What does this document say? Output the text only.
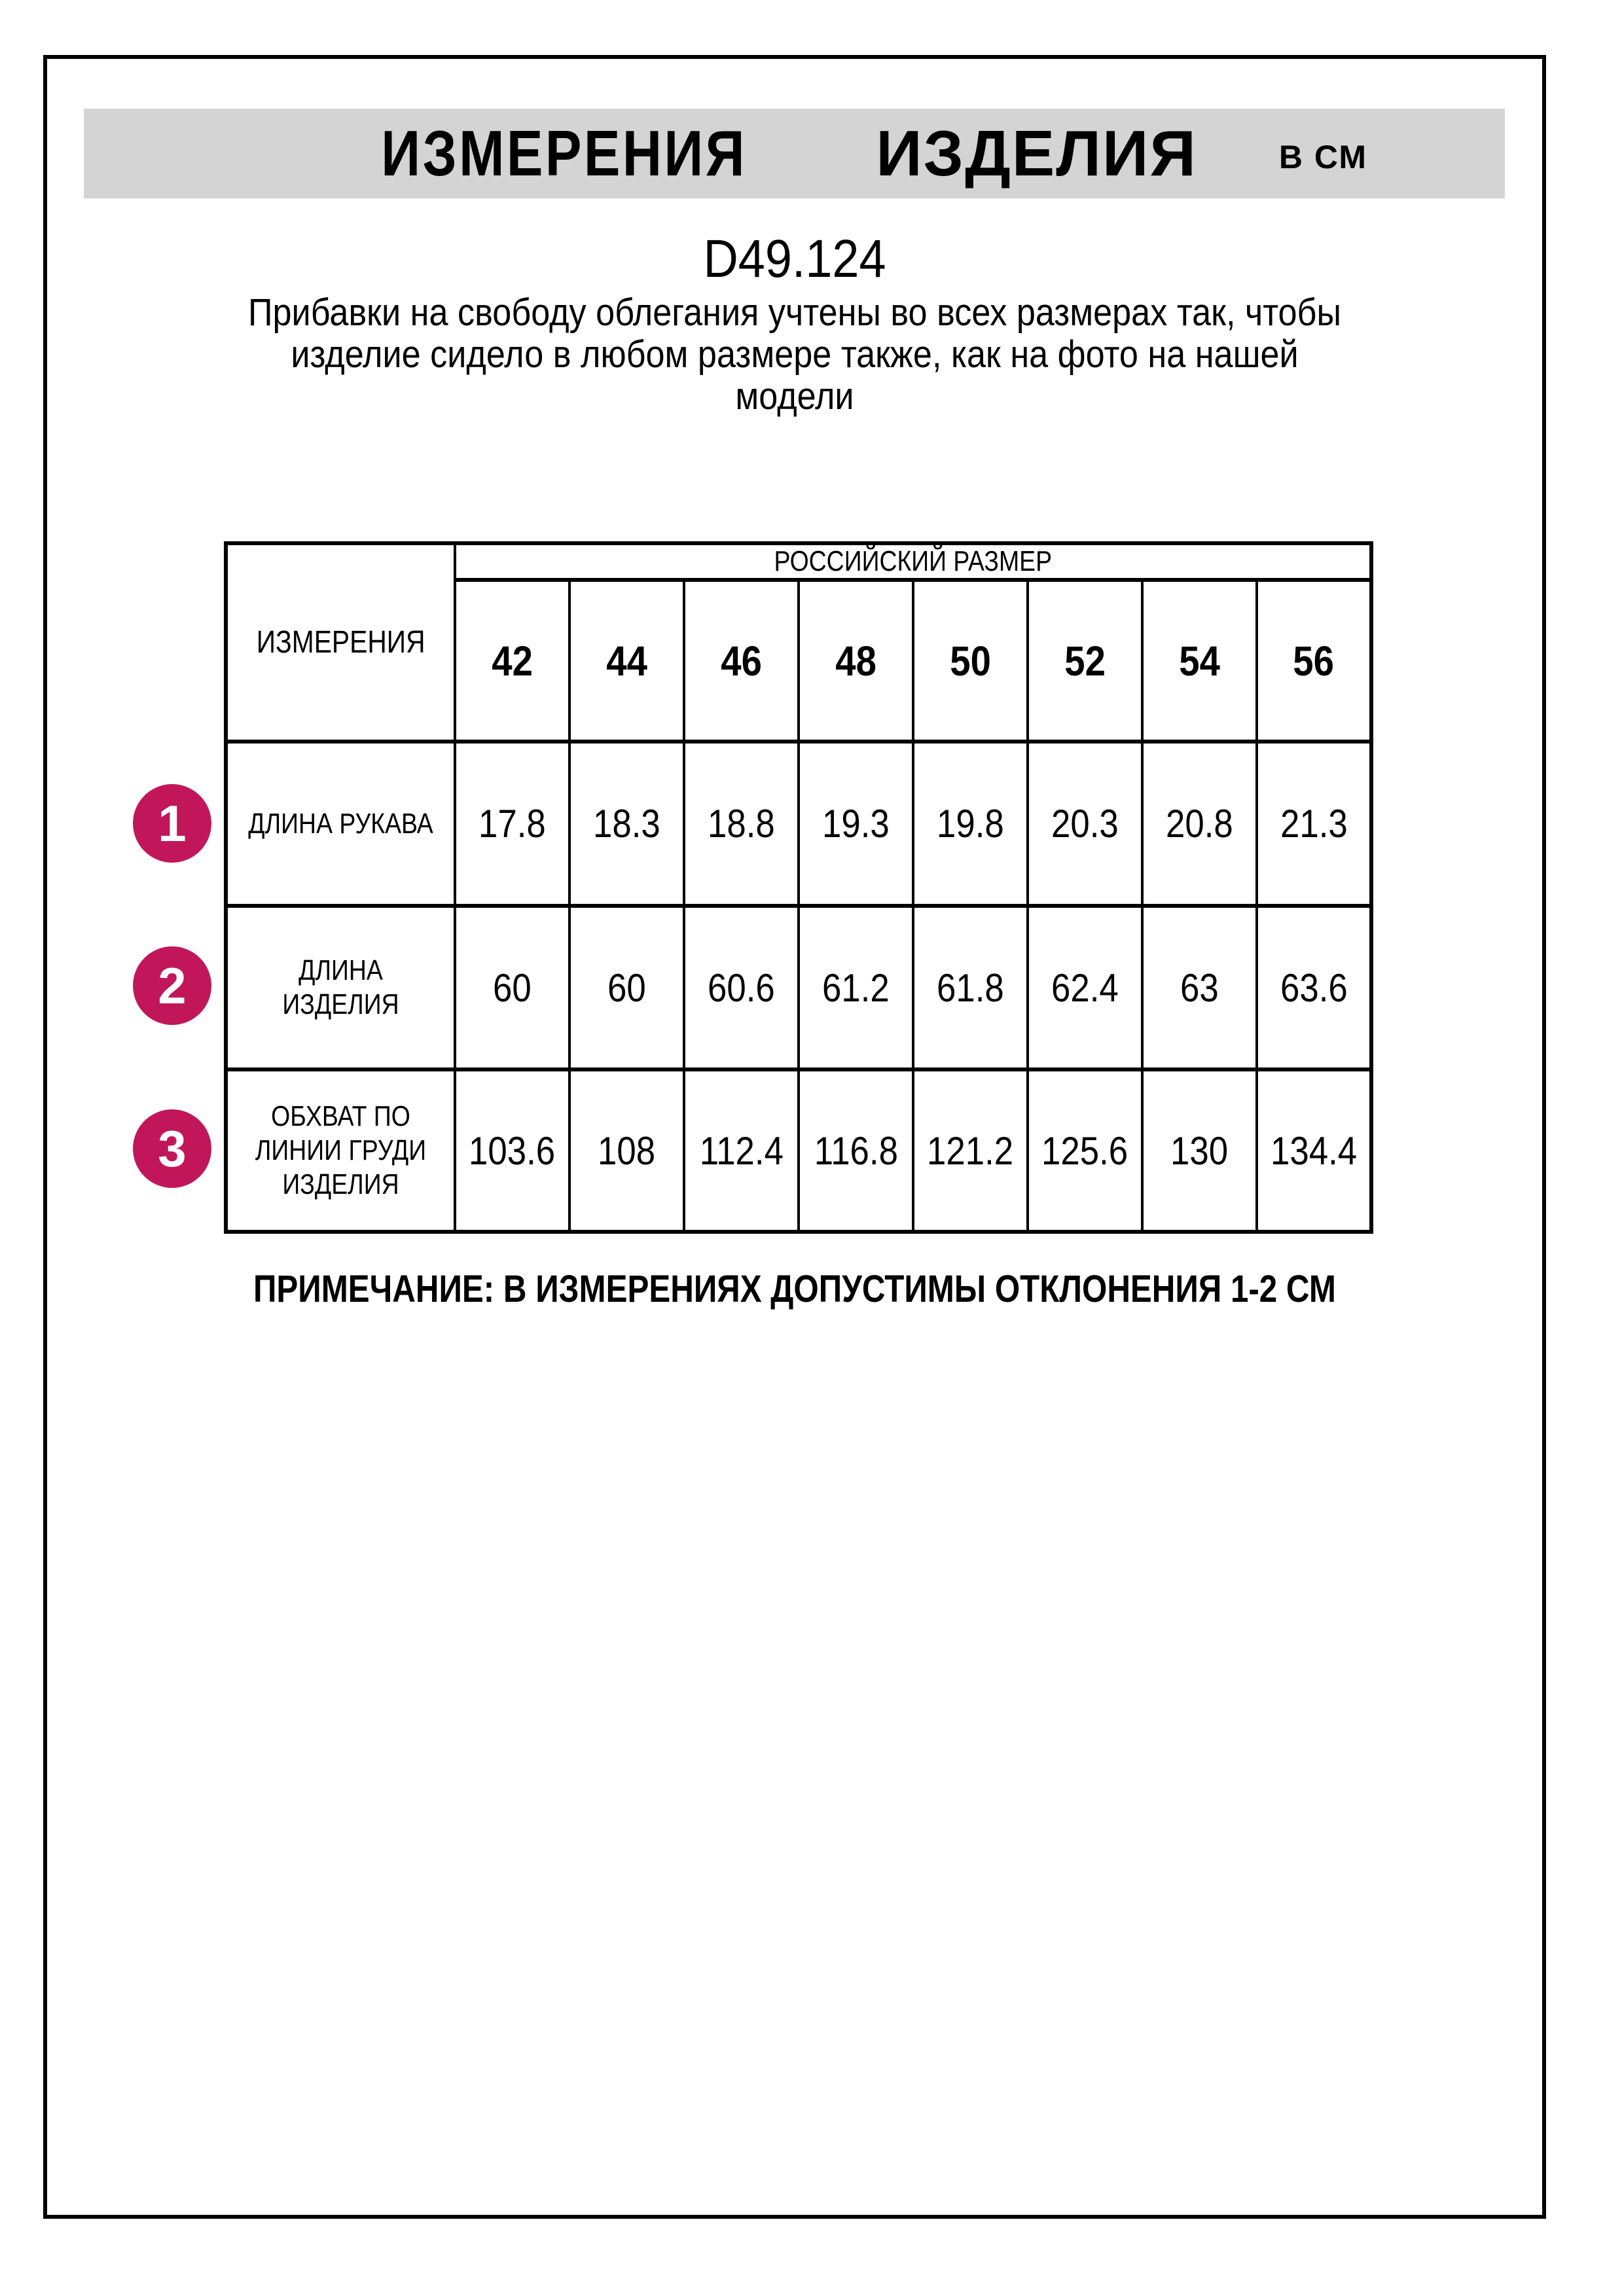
ИЗМЕРЕНИЯ ИЗДЕЛИЯ	В СМ
D49.124
Прибавки на свободу облегания учтены во всех размерах так, чтобы
изделие сидело в любом размере также, как на фото на нашей
модели
ИЗМЕРЕНИЯ	РОССИЙСКИЙ РАЗМЕР							
	42	44	46	48	50	52	54	56

ДЛИНА РУКАВА	17.8	18.3	18.8	19.3	19.8	20.3	20.8	21.3

ДЛИНА
ИЗДЕЛИЯ	60	60	60.6	61.2	61.8	62.4	63	63.6

ОБХВАТ ПО
ЛИНИИ ГРУДИ
ИЗДЕЛИЯ	103.6	108	112.4	116.8	121.2	125.6	130	134.4
1
2
3
ПРИМЕЧАНИЕ: В ИЗМЕРЕНИЯХ ДОПУСТИМЫ ОТКЛОНЕНИЯ 1-2 СМ
